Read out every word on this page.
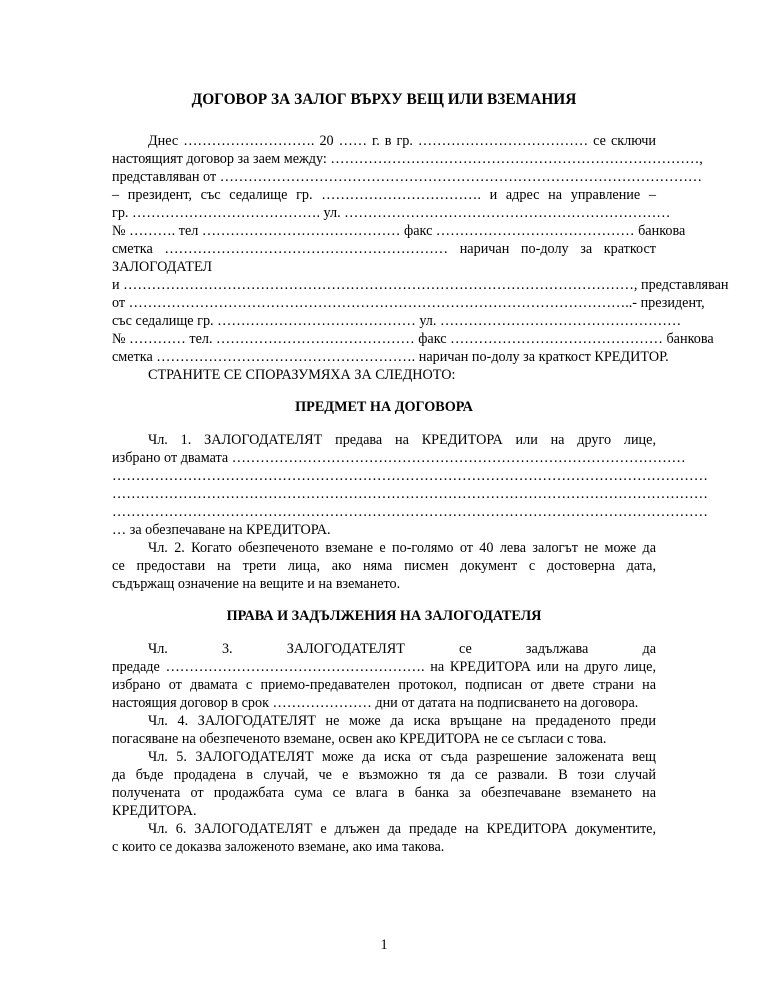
ДОГОВОР ЗА ЗАЛОГ ВЪРХУ ВЕЩ ИЛИ ВЗЕМАНИЯ
Днес ………………………. 20 …… г. в гр. ……………………………… се сключи
настоящият договор за заем между: ……………………………………………………………………,
представляван от …………………………………………………………………………………………
– президент, със седалище гр. ……………………………. и адрес на управление –
гр. …………………………………. ул. ……………………………………………………………
№ ………. тел …………………………………… факс …………………………………… банкова
сметка …………………………………………………… наричан по-долу за краткост
ЗАЛОГОДАТЕЛ
и ………………………………………………………………………………………………, представляван
от ……………………………………………………………………………………………..- президент,
със седалище гр. …………………………………… ул. ……………………………………………
№ ………… тел. …………………………………… факс ……………………………………… банкова
сметка ………………………………………………. наричан по-долу за краткост КРЕДИТОР.
СТРАНИТЕ СЕ СПОРАЗУМЯХА ЗА СЛЕДНОТО:
ПРЕДМЕТ НА ДОГОВОРА
Чл. 1. ЗАЛОГОДАТЕЛЯТ предава на КРЕДИТОРА или на друго лице,
избрано от двамата ……………………………………………………………………………………
………………………………………………………………………………………………………………
………………………………………………………………………………………………………………
………………………………………………………………………………………………………………
… за обезпечаване на КРЕДИТОРА.
Чл. 2. Когато обезпеченото вземане е по-голямо от 40 лева залогът не може да
се предостави на трети лица, ако няма писмен документ с достоверна дата,
съдържащ означение на вещите и на вземането.
ПРАВА И ЗАДЪЛЖЕНИЯ НА ЗАЛОГОДАТЕЛЯ
Чл. 3. ЗАЛОГОДАТЕЛЯТ се задължава да
предаде ………………………………………………. на КРЕДИТОРА или на друго лице,
избрано от двамата с приемо-предавателен протокол, подписан от двете страни на
настоящия договор в срок ………………… дни от датата на подписването на договора.
Чл. 4. ЗАЛОГОДАТЕЛЯТ не може да иска връщане на предаденото преди
погасяване на обезпеченото вземане, освен ако КРЕДИТОРА не се съгласи с това.
Чл. 5. ЗАЛОГОДАТЕЛЯТ може да иска от съда разрешение заложената вещ
да бъде продадена в случай, че е възможно тя да се развали. В този случай
получената от продажбата сума се влага в банка за обезпечаване вземането на
КРЕДИТОРА.
Чл. 6. ЗАЛОГОДАТЕЛЯТ е длъжен да предаде на КРЕДИТОРА документите,
с които се доказва заложеното вземане, ако има такова.
1
